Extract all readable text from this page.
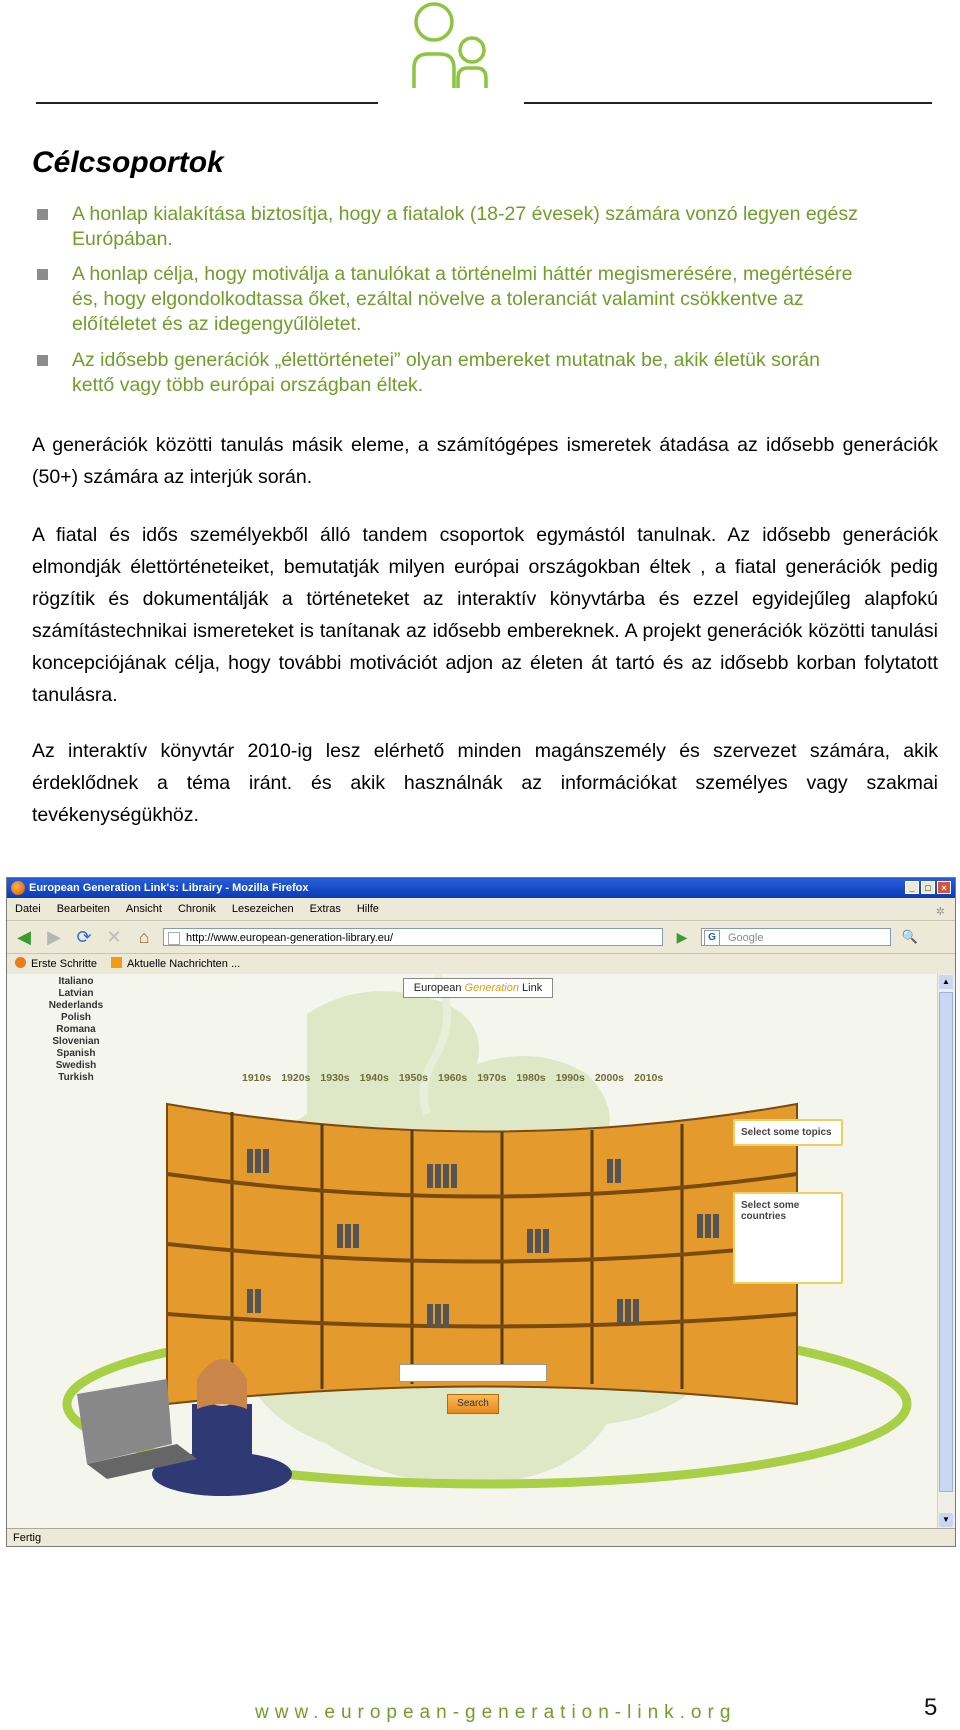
Célcsoportok
A honlap kialakítása biztosítja, hogy a fiatalok (18-27 évesek) számára vonzó legyen egész Európában.
A honlap célja, hogy motiválja a tanulókat a történelmi háttér megismerésére, megértésére és, hogy elgondolkodtassa őket, ezáltal növelve a toleranciát valamint csökkentve az előítéletet és az idegengyűlöletet.
Az idősebb generációk „élettörténetei” olyan embereket mutatnak be, akik életük során kettő vagy több európai országban éltek.

A generációk közötti tanulás másik eleme, a számítógépes ismeretek átadása az idősebb generációk (50+) számára az interjúk során.

A fiatal és idős személyekből álló tandem csoportok egymástól tanulnak. Az idősebb generációk elmondják élettörténeteiket, bemutatják milyen európai országokban éltek , a fiatal generációk pedig rögzítik és dokumentálják a történeteket az interaktív könyvtárba és ezzel egyidejűleg alapfokú számítástechnikai ismereteket is tanítanak az idősebb embereknek. A projekt generációk közötti tanulási koncepciójának célja, hogy további motivációt adjon az életen át tartó és az idősebb korban folytatott tanulásra.

Az interaktív könyvtár 2010-ig lesz elérhető minden magánszemély és szervezet számára, akik érdeklődnek a téma iránt. és akik használnák az információkat személyes vagy szakmai tevékenységükhöz.

European Generation Link's: Librairy - Mozilla Firefox	_	□	×
Datei Bearbeiten Ansicht Chronik Lesezeichen Extras Hilfe	✲
◀ ▶ ⟳ ✕ ⌂	http://www.european-generation-library.eu/	▶	G	Google	🔍
Erste Schritte	Aktuelle Nachrichten ...
Italiano
Latvian
Nederlands
Polish
Romana
Slovenian
Spanish
Swedish
Turkish
European Generation Link
1910s 1920s 1930s 1940s 1950s 1960s 1970s 1980s 1990s 2000s 2010s
Select some topics
Select some countries
Search
▲
▼
Fertig
www.european-generation-link.org	5
